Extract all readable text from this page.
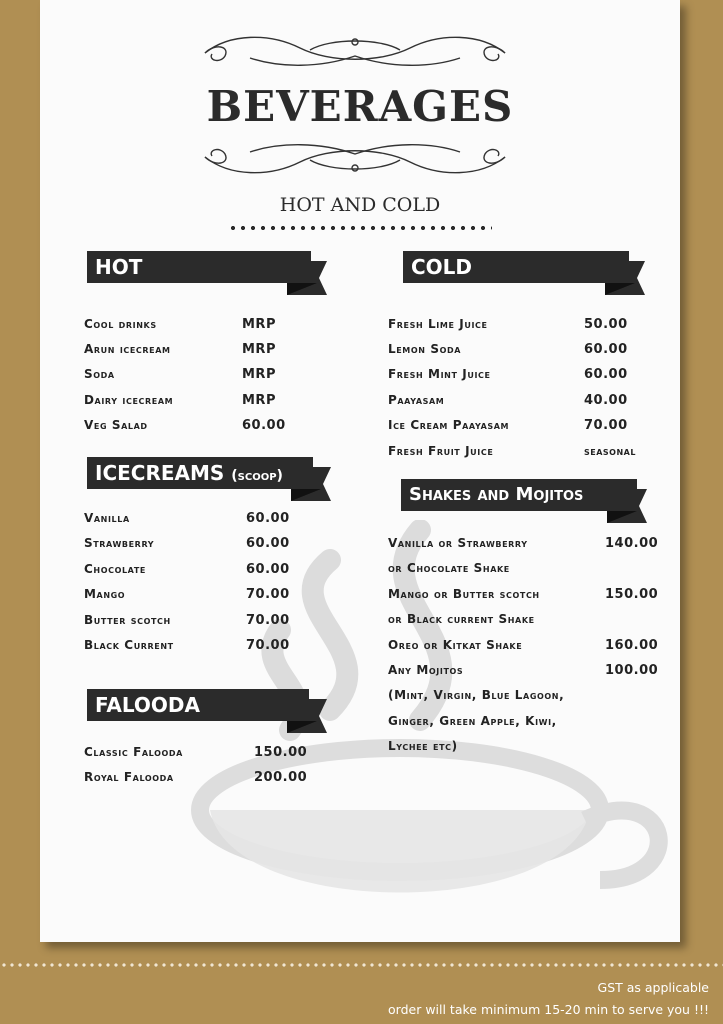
BEVERAGES
HOT AND COLD
HOT	COLD
Cool drinks	MRP
Arun icecream	MRP
Soda	MRP
Dairy icecream	MRP
Veg Salad	60.00
Fresh Lime Juice	50.00
Lemon Soda	60.00
Fresh Mint Juice	60.00
Paayasam	40.00
Ice Cream Paayasam	70.00
Fresh Fruit Juice	seasonal
ICECREAMS (scoop)
Shakes and Mojitos
Vanilla	60.00
Strawberry	60.00
Chocolate	60.00
Mango	70.00
Butter scotch	70.00
Black Current	70.00
Vanilla or Strawberry	140.00
or Chocolate Shake
Mango or Butter scotch	150.00
or Black current Shake
Oreo or Kitkat Shake	160.00
Any Mojitos	100.00
(Mint, Virgin, Blue Lagoon,
Ginger, Green Apple, Kiwi,
Lychee etc)
FALOODA
Classic Falooda	150.00
Royal Falooda	200.00
GST as applicable
order will take minimum 15-20 min to serve you !!!
